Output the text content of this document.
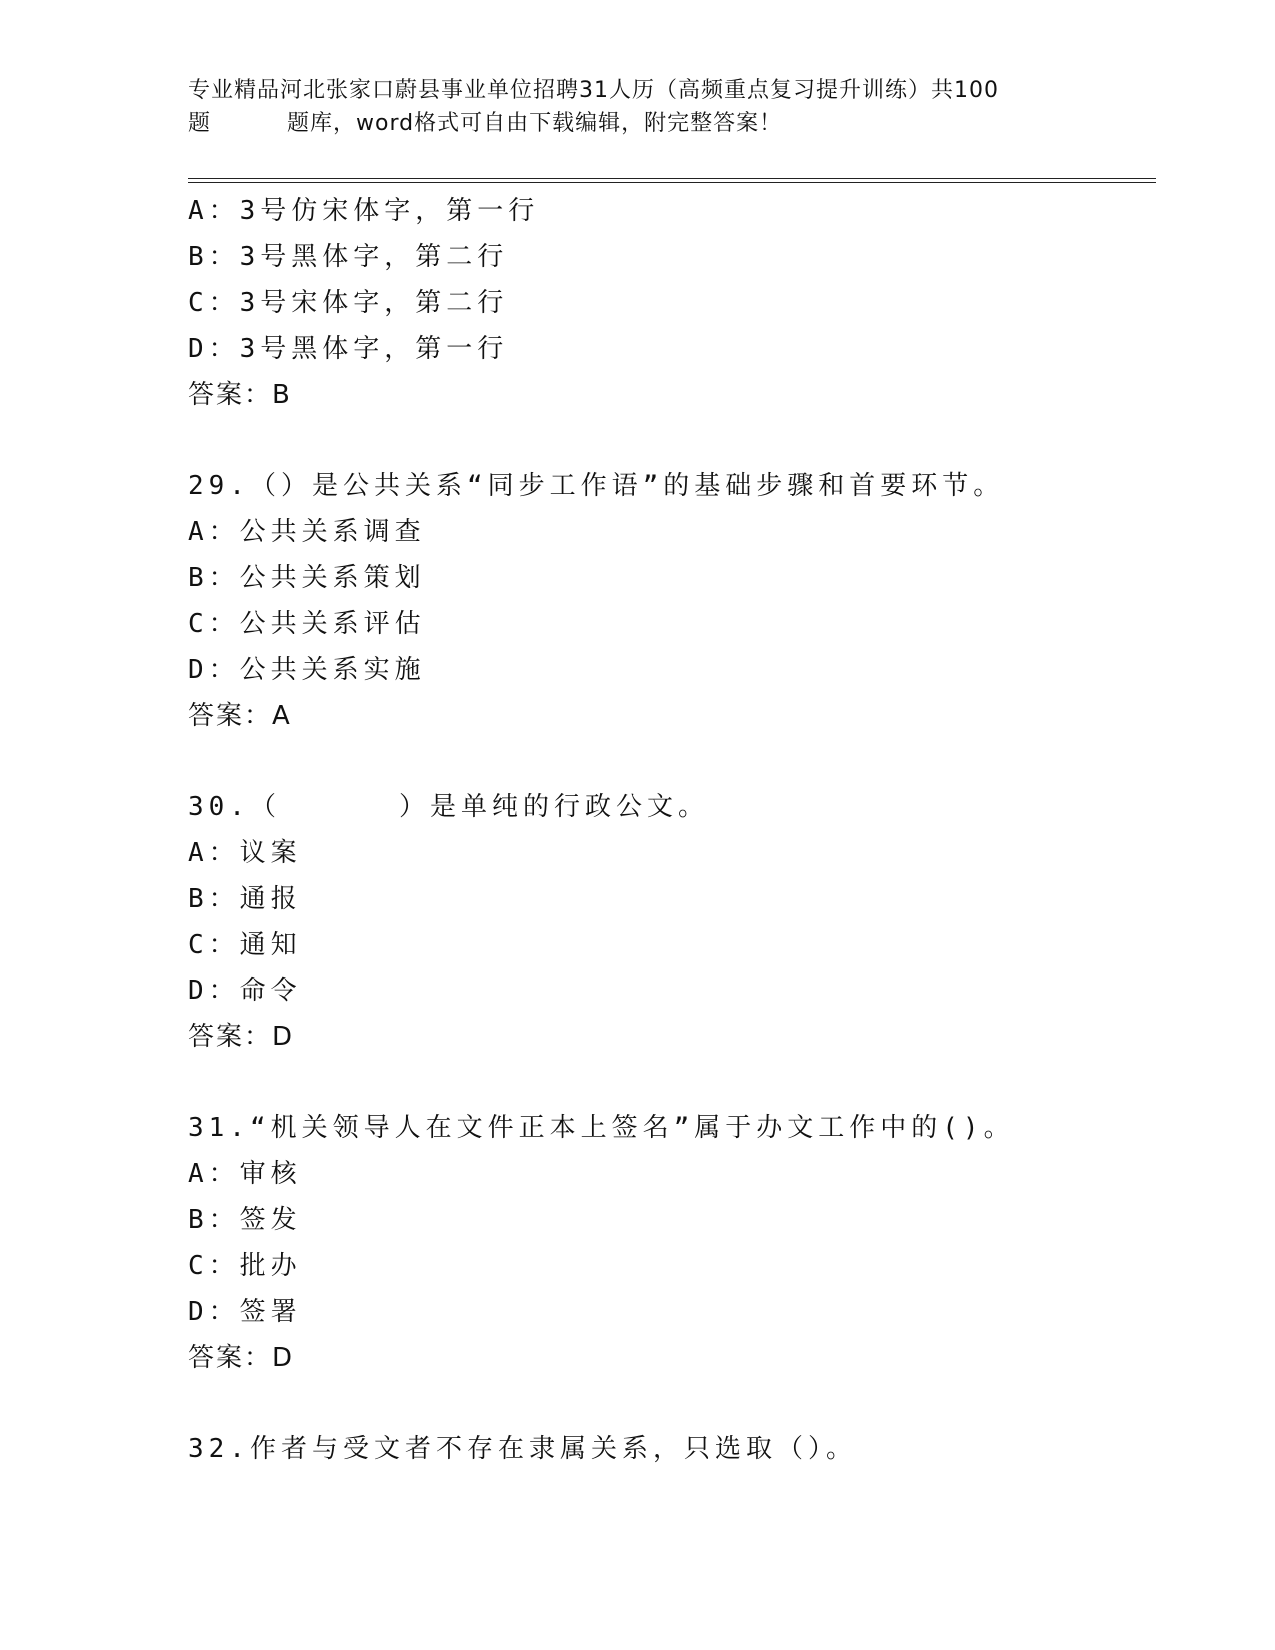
专业精品河北张家口蔚县事业单位招聘31人历（高频重点复习提升训练）共100
题	题库，word格式可自由下载编辑，附完整答案！
A：3号仿宋体字，第一行
B：3号黑体字，第二行
C：3号宋体字，第二行
D：3号黑体字，第一行
答案：B
29.（）是公共关系“同步工作语”的基础步骤和首要环节。
A：公共关系调查
B：公共关系策划
C：公共关系评估
D：公共关系实施
答案：A
30.（	）是单纯的行政公文。
A：议案
B：通报
C：通知
D：命令
答案：D
31.“机关领导人在文件正本上签名”属于办文工作中的()。
A：审核
B：签发
C：批办
D：签署
答案：D
32.作者与受文者不存在隶属关系，只选取（）。
